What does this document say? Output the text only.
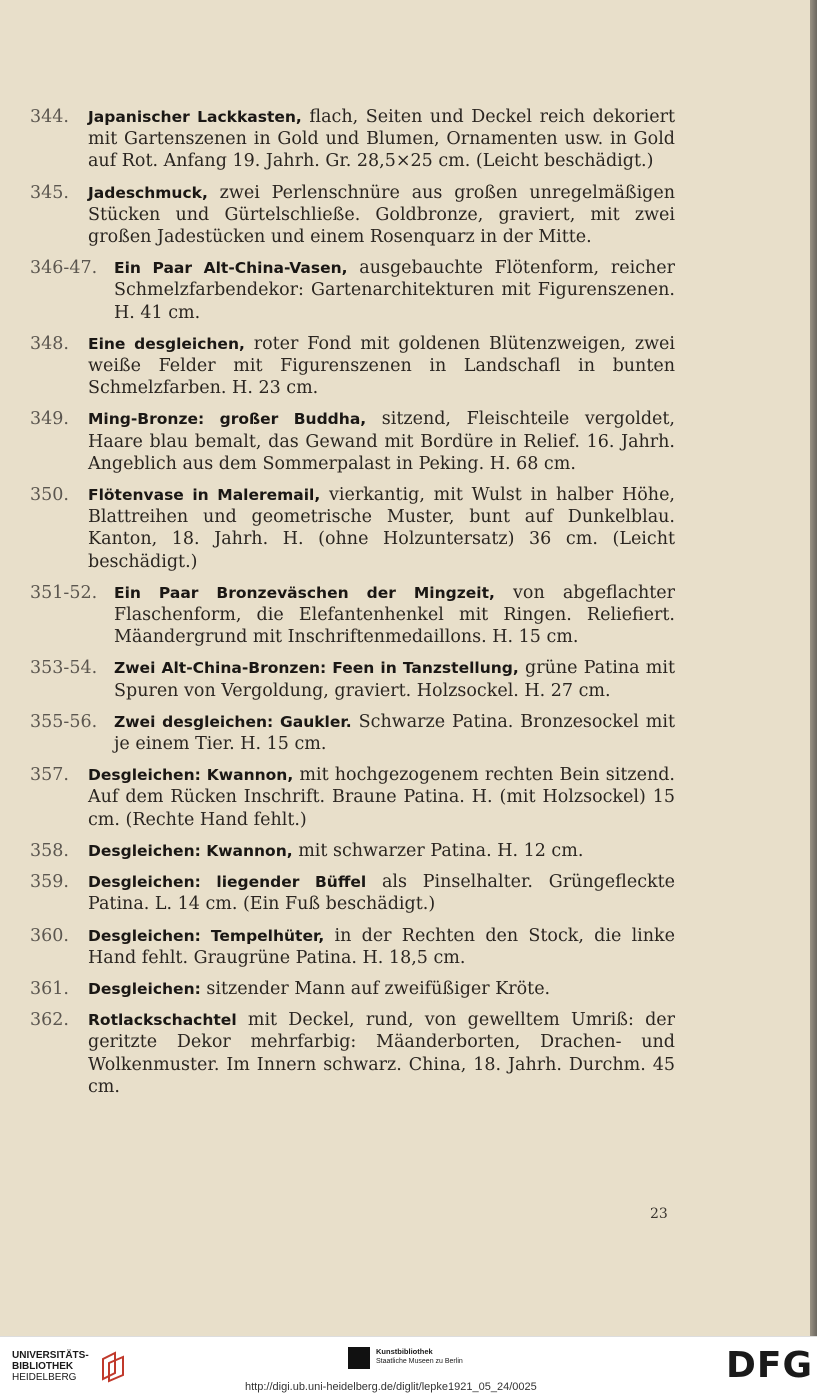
344.	Japanischer Lackkasten, flach, Seiten und Deckel reich dekoriert mit Gartenszenen in Gold und Blumen, Ornamenten usw. in Gold auf Rot. Anfang 19. Jahrh. Gr. 28,5×25 cm. (Leicht beschädigt.)
345.	Jadeschmuck, zwei Perlenschnüre aus großen unregelmäßigen Stücken und Gürtelschließe. Goldbronze, graviert, mit zwei großen Jadestücken und einem Rosenquarz in der Mitte.
346-47.	Ein Paar Alt-China-Vasen, ausgebauchte Flötenform, reicher Schmelzfarbendekor: Gartenarchitekturen mit Figurenszenen. H. 41 cm.
348.	Eine desgleichen, roter Fond mit goldenen Blütenzweigen, zwei weiße Felder mit Figurenszenen in Landschafl in bunten Schmelzfarben. H. 23 cm.
349.	Ming-Bronze: großer Buddha, sitzend, Fleischteile vergoldet, Haare blau bemalt, das Gewand mit Bordüre in Relief. 16. Jahrh. Angeblich aus dem Sommerpalast in Peking. H. 68 cm.
350.	Flötenvase in Maleremail, vierkantig, mit Wulst in halber Höhe, Blattreihen und geometrische Muster, bunt auf Dunkelblau. Kanton, 18. Jahrh. H. (ohne Holzuntersatz) 36 cm. (Leicht beschädigt.)
351-52.	Ein Paar Bronzeväschen der Mingzeit, von abgeflachter Flaschenform, die Elefantenhenkel mit Ringen. Reliefiert. Mäandergrund mit Inschriftenmedaillons. H. 15 cm.
353-54.	Zwei Alt-China-Bronzen: Feen in Tanzstellung, grüne Patina mit Spuren von Vergoldung, graviert. Holzsockel. H. 27 cm.
355-56.	Zwei desgleichen: Gaukler. Schwarze Patina. Bronzesockel mit je einem Tier. H. 15 cm.
357.	Desgleichen: Kwannon, mit hochgezogenem rechten Bein sitzend. Auf dem Rücken Inschrift. Braune Patina. H. (mit Holzsockel) 15 cm. (Rechte Hand fehlt.)
358.	Desgleichen: Kwannon, mit schwarzer Patina. H. 12 cm.
359.	Desgleichen: liegender Büffel als Pinselhalter. Grüngefleckte Patina. L. 14 cm. (Ein Fuß beschädigt.)
360.	Desgleichen: Tempelhüter, in der Rechten den Stock, die linke Hand fehlt. Graugrüne Patina. H. 18,5 cm.
361.	Desgleichen: sitzender Mann auf zweifüßiger Kröte.
362.	Rotlackschachtel mit Deckel, rund, von gewelltem Umriß: der geritzte Dekor mehrfarbig: Mäanderborten, Drachen- und Wolkenmuster. Im Innern schwarz. China, 18. Jahrh. Durchm. 45 cm.
23
UNIVERSITÄTS-
BIBLIOTHEK
HEIDELBERG
Kunstbibliothek
Staatliche Museen zu Berlin
http://digi.ub.uni-heidelberg.de/diglit/lepke1921_05_24/0025
DFG
